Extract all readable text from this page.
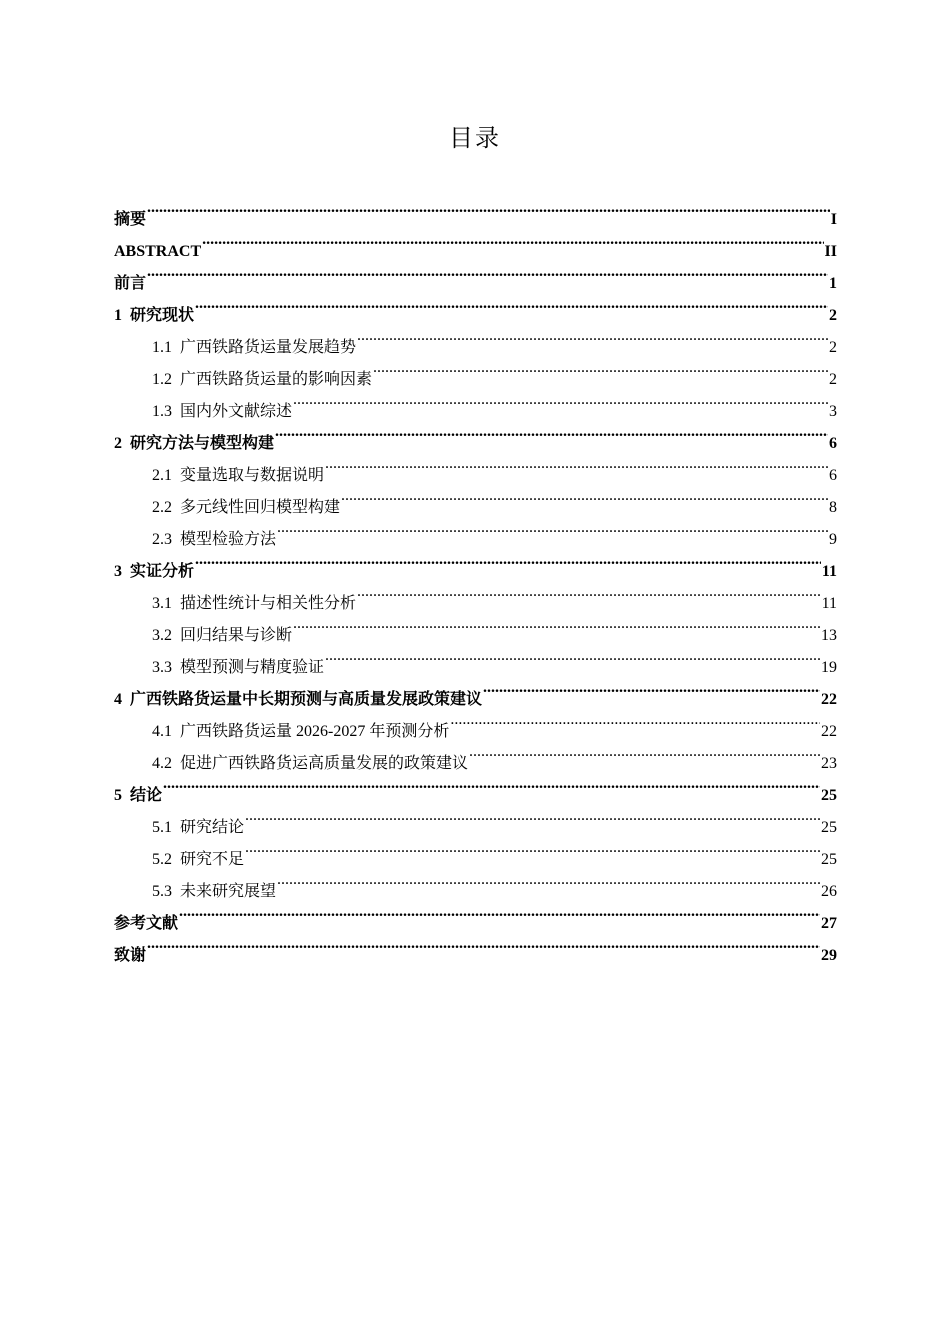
目录
摘要 .....	I
ABSTRACT .....	II
前言 .....	1
1 研究现状 .....	2
1.1 广西铁路货运量发展趋势 .....	2
1.2 广西铁路货运量的影响因素 .....	2
1.3 国内外文献综述 .....	3
2 研究方法与模型构建 .....	6
2.1 变量选取与数据说明 .....	6
2.2 多元线性回归模型构建 .....	8
2.3 模型检验方法 .....	9
3 实证分析 .....	11
3.1 描述性统计与相关性分析 .....	11
3.2 回归结果与诊断 .....	13
3.3 模型预测与精度验证 .....	19
4 广西铁路货运量中长期预测与高质量发展政策建议 .....	22
4.1 广西铁路货运量 2026-2027 年预测分析 .....	22
4.2 促进广西铁路货运高质量发展的政策建议 .....	23
5 结论 .....	25
5.1 研究结论 .....	25
5.2 研究不足 .....	25
5.3 未来研究展望 .....	26
参考文献 .....	27
致谢 .....	29
